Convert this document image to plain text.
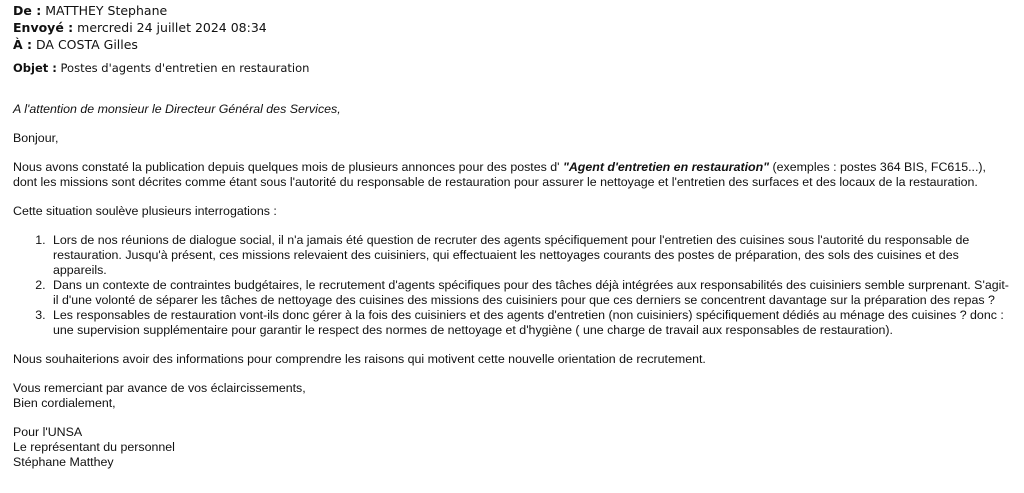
De : MATTHEY Stephane
Envoyé : mercredi 24 juillet 2024 08:34
À : DA COSTA Gilles
Objet : Postes d'agents d'entretien en restauration

A l'attention de monsieur le Directeur Général des Services,

Bonjour,

Nous avons constaté la publication depuis quelques mois de plusieurs annonces pour des postes d' "Agent d'entretien en restauration" (exemples : postes 364 BIS, FC615...), dont les missions sont décrites comme étant sous l'autorité du responsable de restauration pour assurer le nettoyage et l'entretien des surfaces et des locaux de la restauration.

Cette situation soulève plusieurs interrogations :

1. Lors de nos réunions de dialogue social, il n'a jamais été question de recruter des agents spécifiquement pour l'entretien des cuisines sous l'autorité du responsable de restauration. Jusqu'à présent, ces missions relevaient des cuisiniers, qui effectuaient les nettoyages courants des postes de préparation, des sols des cuisines et des appareils.
2. Dans un contexte de contraintes budgétaires, le recrutement d'agents spécifiques pour des tâches déjà intégrées aux responsabilités des cuisiniers semble surprenant. S'agit-il d'une volonté de séparer les tâches de nettoyage des cuisines des missions des cuisiniers pour que ces derniers se concentrent davantage sur la préparation des repas ?
3. Les responsables de restauration vont-ils donc gérer à la fois des cuisiniers et des agents d'entretien (non cuisiniers) spécifiquement dédiés au ménage des cuisines ? donc : une supervision supplémentaire pour garantir le respect des normes de nettoyage et d'hygiène ( une charge de travail aux responsables de restauration).

Nous souhaiterions avoir des informations pour comprendre les raisons qui motivent cette nouvelle orientation de recrutement.

Vous remerciant par avance de vos éclaircissements,

Bien cordialement,

Pour l'UNSA

Le représentant du personnel

Stéphane Matthey
